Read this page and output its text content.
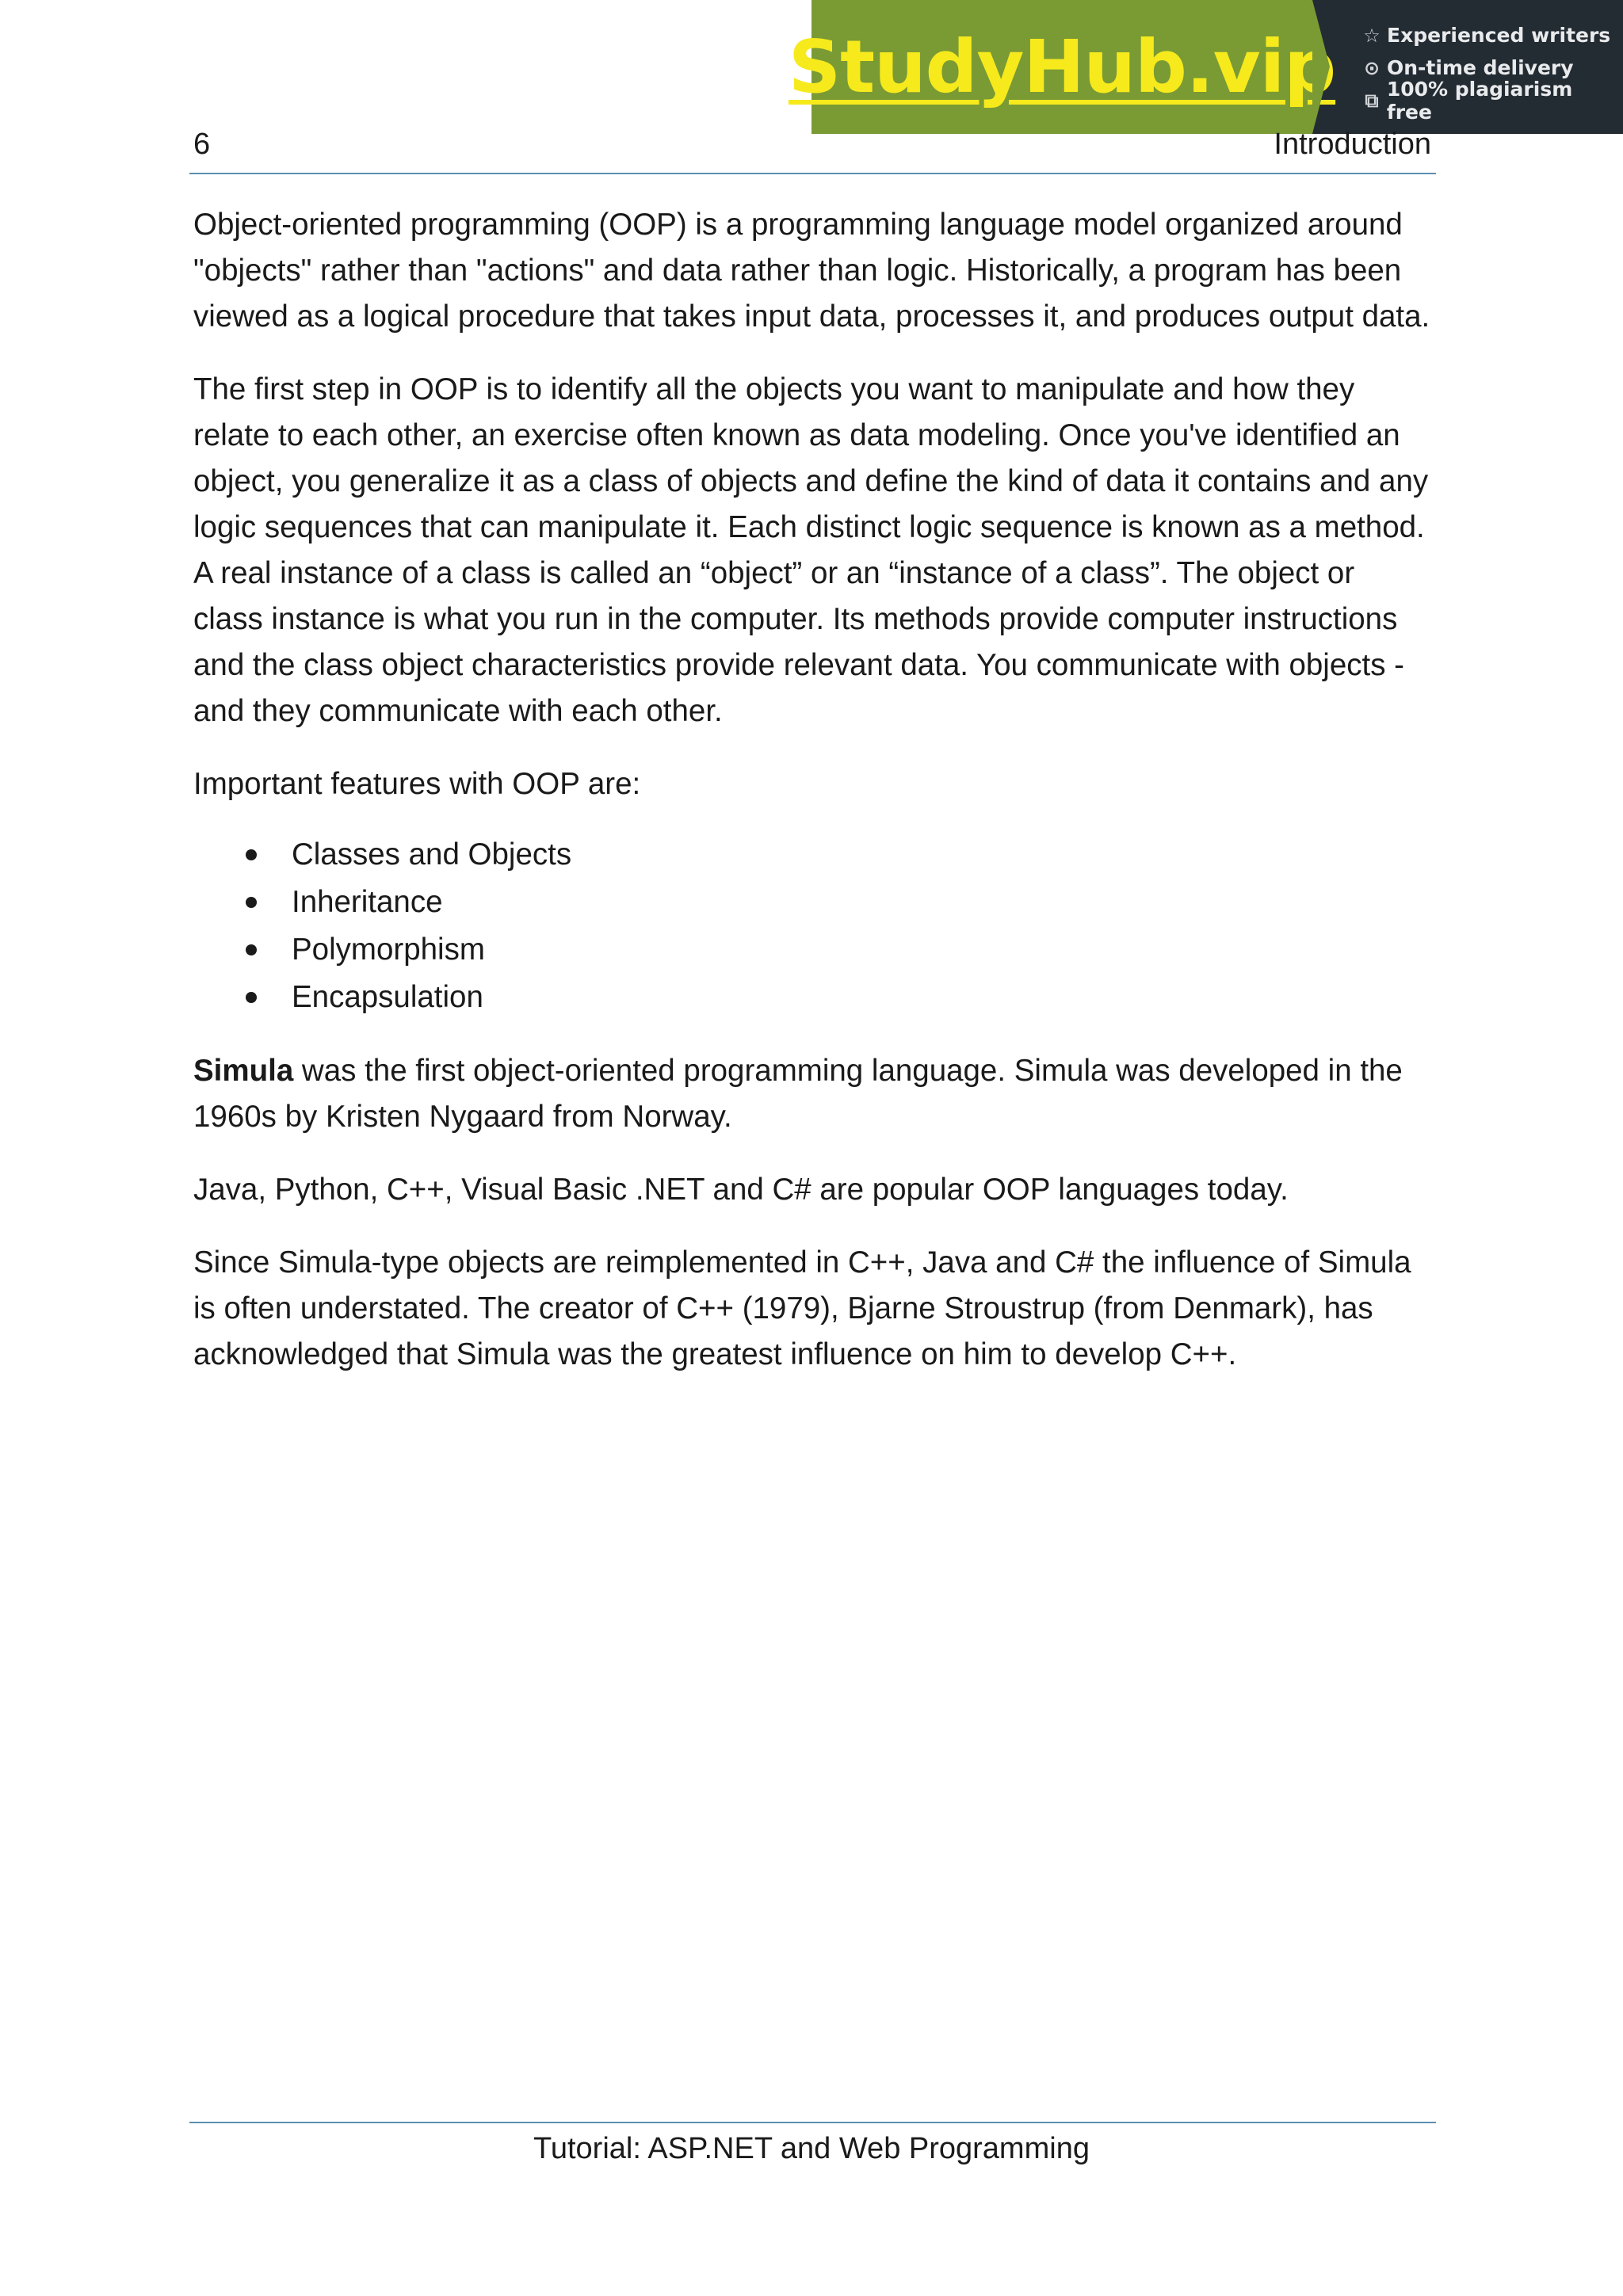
StudyHub.vip ☆ Experienced writers
⊙ On-time delivery
⧉ 100% plagiarism free
6	Introduction

Object-oriented programming (OOP) is a programming language model organized around "objects" rather than "actions" and data rather than logic. Historically, a program has been viewed as a logical procedure that takes input data, processes it, and produces output data.

The first step in OOP is to identify all the objects you want to manipulate and how they relate to each other, an exercise often known as data modeling. Once you've identified an object, you generalize it as a class of objects and define the kind of data it contains and any logic sequences that can manipulate it. Each distinct logic sequence is known as a method. A real instance of a class is called an “object” or an “instance of a class”. The object or class instance is what you run in the computer. Its methods provide computer instructions and the class object characteristics provide relevant data. You communicate with objects - and they communicate with each other.

Important features with OOP are:

Classes and Objects
Inheritance
Polymorphism
Encapsulation

Simula was the first object-oriented programming language. Simula was developed in the 1960s by Kristen Nygaard from Norway.

Java, Python, C++, Visual Basic .NET and C# are popular OOP languages today.

Since Simula-type objects are reimplemented in C++, Java and C# the influence of Simula is often understated. The creator of C++ (1979), Bjarne Stroustrup (from Denmark), has acknowledged that Simula was the greatest influence on him to develop C++.

Tutorial: ASP.NET and Web Programming
